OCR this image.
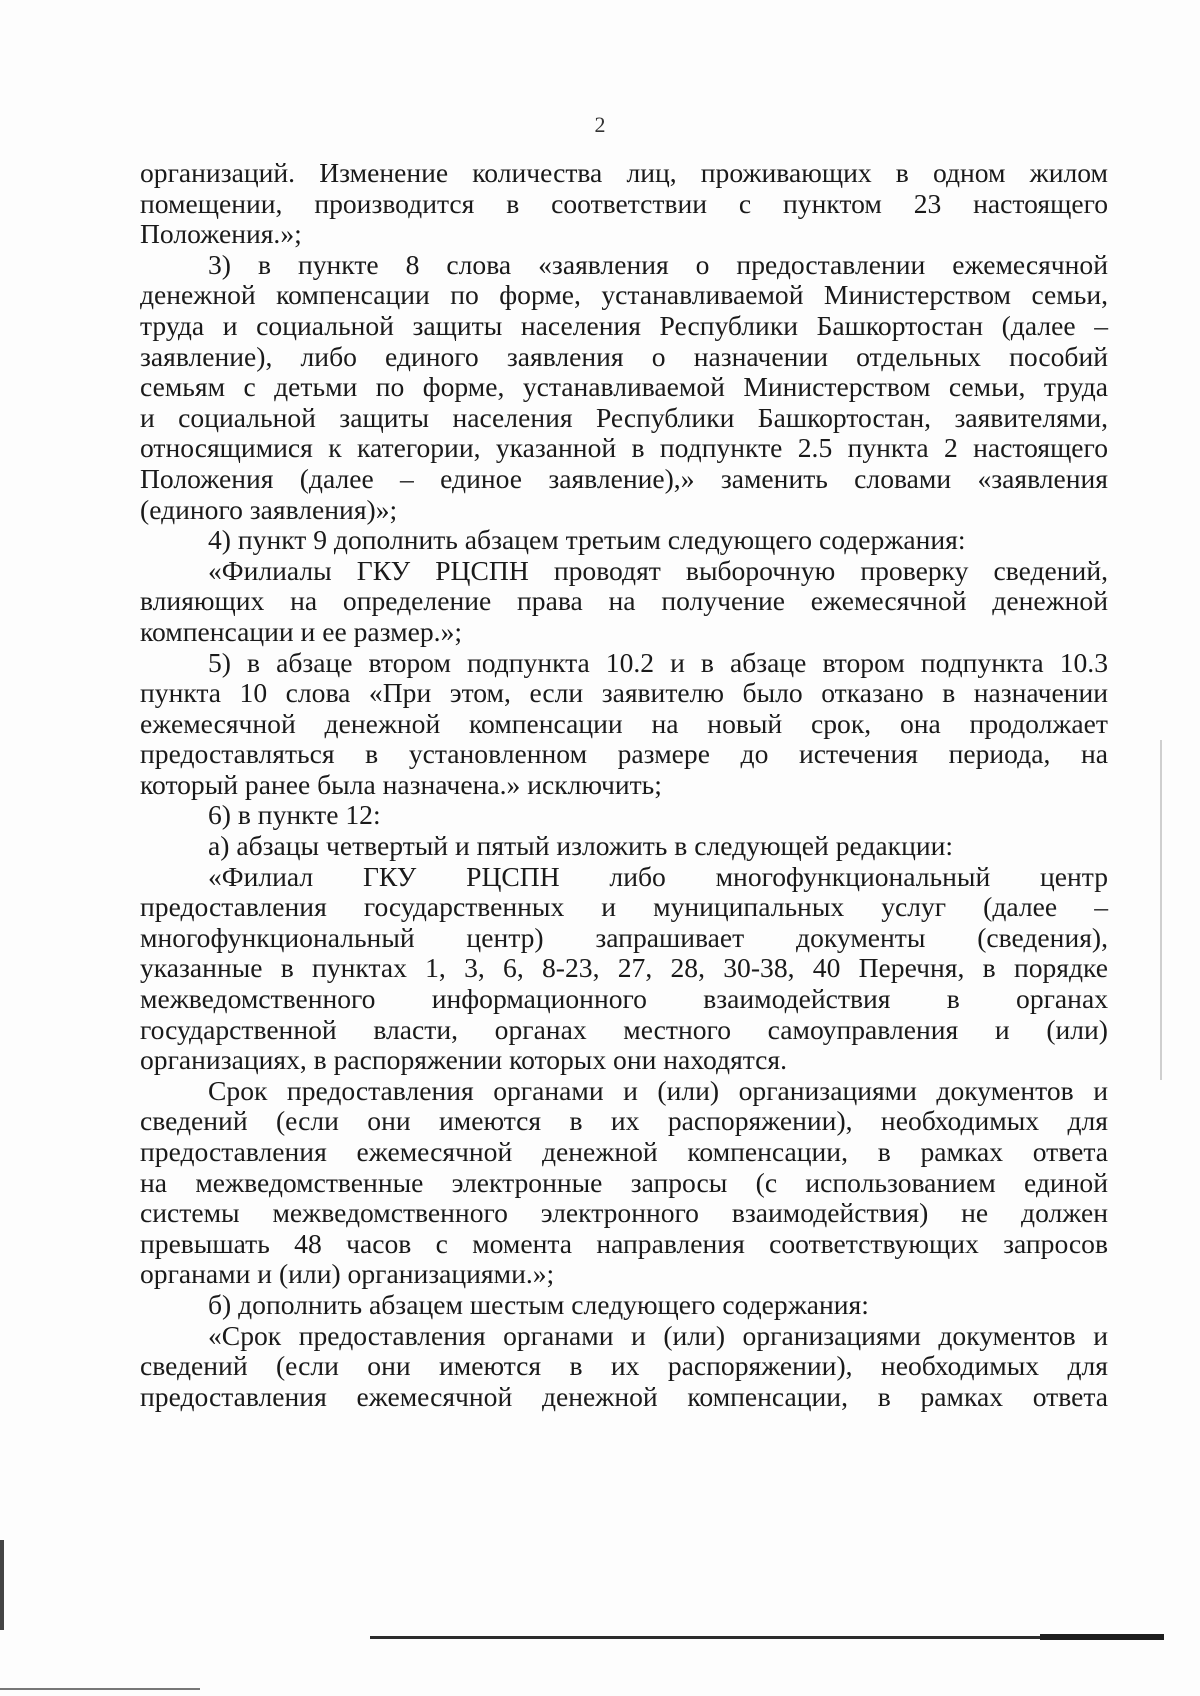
2
организаций. Изменение количества лиц, проживающих в одном жилом
помещении, производится в соответствии с пунктом 23 настоящего
Положения.»;
3) в пункте 8 слова «заявления о предоставлении ежемесячной
денежной компенсации по форме, устанавливаемой Министерством семьи,
труда и социальной защиты населения Республики Башкортостан (далее –
заявление), либо единого заявления о назначении отдельных пособий
семьям с детьми по форме, устанавливаемой Министерством семьи, труда
и социальной защиты населения Республики Башкортостан, заявителями,
относящимися к категории, указанной в подпункте 2.5 пункта 2 настоящего
Положения (далее – единое заявление),» заменить словами «заявления
(единого заявления)»;
4) пункт 9 дополнить абзацем третьим следующего содержания:
«Филиалы ГКУ РЦСПН проводят выборочную проверку сведений,
влияющих на определение права на получение ежемесячной денежной
компенсации и ее размер.»;
5) в абзаце втором подпункта 10.2 и в абзаце втором подпункта 10.3
пункта 10 слова «При этом, если заявителю было отказано в назначении
ежемесячной денежной компенсации на новый срок, она продолжает
предоставляться в установленном размере до истечения периода, на
который ранее была назначена.» исключить;
6) в пункте 12:
а) абзацы четвертый и пятый изложить в следующей редакции:
«Филиал ГКУ РЦСПН либо многофункциональный центр
предоставления государственных и муниципальных услуг (далее –
многофункциональный центр) запрашивает документы (сведения),
указанные в пунктах 1, 3, 6, 8-23, 27, 28, 30-38, 40 Перечня, в порядке
межведомственного информационного взаимодействия в органах
государственной власти, органах местного самоуправления и (или)
организациях, в распоряжении которых они находятся.
Срок предоставления органами и (или) организациями документов и
сведений (если они имеются в их распоряжении), необходимых для
предоставления ежемесячной денежной компенсации, в рамках ответа
на межведомственные электронные запросы (с использованием единой
системы межведомственного электронного взаимодействия) не должен
превышать 48 часов с момента направления соответствующих запросов
органами и (или) организациями.»;
б) дополнить абзацем шестым следующего содержания:
«Срок предоставления органами и (или) организациями документов и
сведений (если они имеются в их распоряжении), необходимых для
предоставления ежемесячной денежной компенсации, в рамках ответа
